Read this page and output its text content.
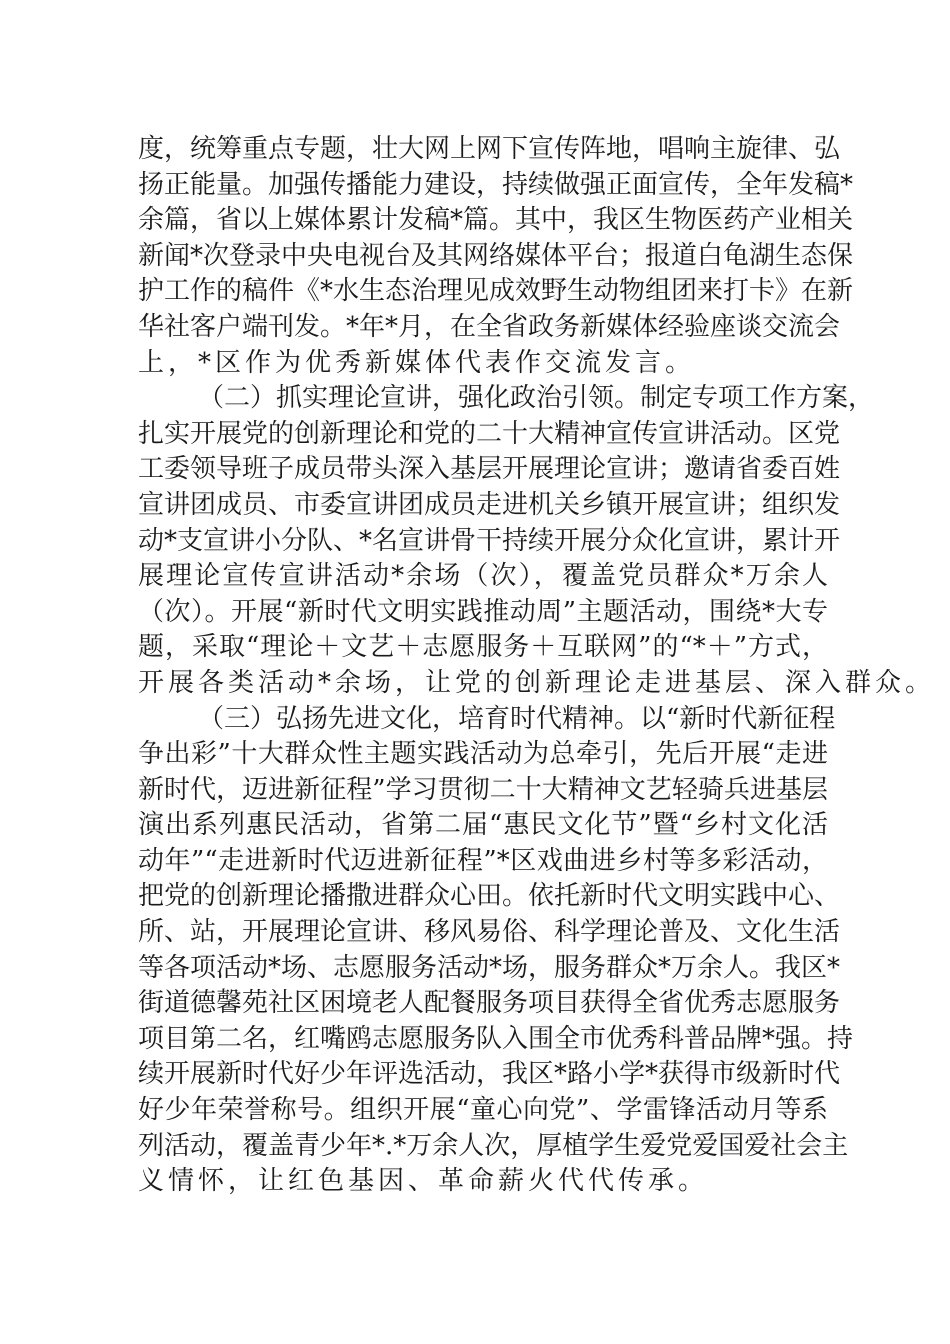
度，统筹重点专题，壮大网上网下宣传阵地，唱响主旋律、弘
扬正能量。加强传播能力建设，持续做强正面宣传，全年发稿*
余篇，省以上媒体累计发稿*篇。其中，我区生物医药产业相关
新闻*次登录中央电视台及其网络媒体平台；报道白龟湖生态保
护工作的稿件《*水生态治理见成效野生动物组团来打卡》在新
华社客户端刊发。*年*月，在全省政务新媒体经验座谈交流会
上，*区作为优秀新媒体代表作交流发言。
（二）抓实理论宣讲，强化政治引领。制定专项工作方案，
扎实开展党的创新理论和党的二十大精神宣传宣讲活动。区党
工委领导班子成员带头深入基层开展理论宣讲；邀请省委百姓
宣讲团成员、市委宣讲团成员走进机关乡镇开展宣讲；组织发
动*支宣讲小分队、*名宣讲骨干持续开展分众化宣讲，累计开
展理论宣传宣讲活动*余场（次），覆盖党员群众*万余人
（次）。开展“新时代文明实践推动周”主题活动，围绕*大专
题，采取“理论＋文艺＋志愿服务＋互联网”的“*＋”方式，
开展各类活动*余场，让党的创新理论走进基层、深入群众。
（三）弘扬先进文化，培育时代精神。以“新时代新征程
争出彩”十大群众性主题实践活动为总牵引，先后开展“走进
新时代，迈进新征程”学习贯彻二十大精神文艺轻骑兵进基层
演出系列惠民活动，省第二届“惠民文化节”暨“乡村文化活
动年”“走进新时代迈进新征程”*区戏曲进乡村等多彩活动，
把党的创新理论播撒进群众心田。依托新时代文明实践中心、
所、站，开展理论宣讲、移风易俗、科学理论普及、文化生活
等各项活动*场、志愿服务活动*场，服务群众*万余人。我区*
街道德馨苑社区困境老人配餐服务项目获得全省优秀志愿服务
项目第二名，红嘴鸥志愿服务队入围全市优秀科普品牌*强。持
续开展新时代好少年评选活动，我区*路小学*获得市级新时代
好少年荣誉称号。组织开展“童心向党”、学雷锋活动月等系
列活动，覆盖青少年*.*万余人次，厚植学生爱党爱国爱社会主
义情怀，让红色基因、革命薪火代代传承。
